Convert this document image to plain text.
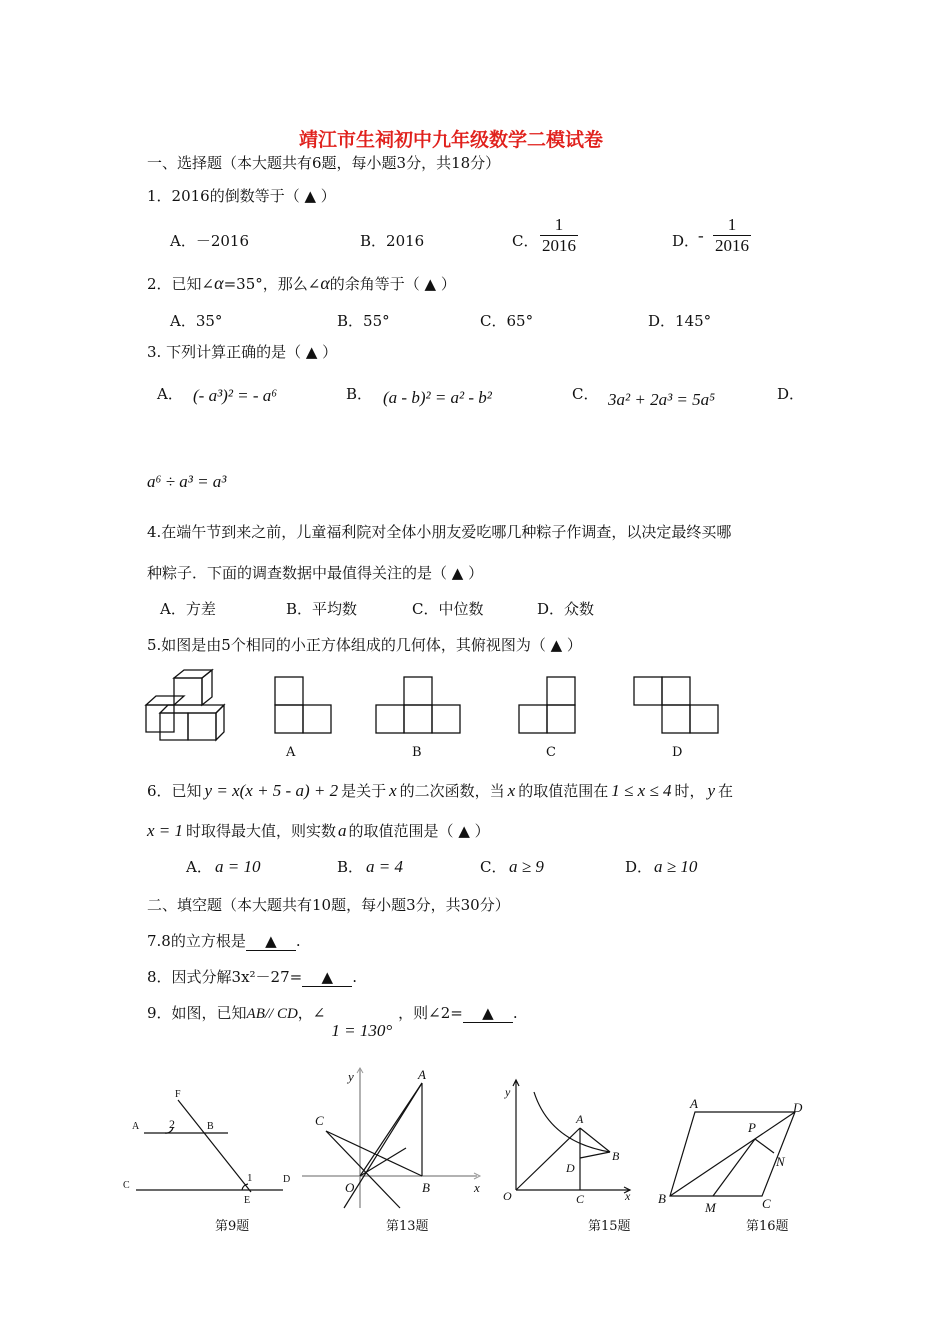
靖江市生祠初中九年级数学二模试卷
一、选择题（本大题共有6题，每小题3分，共18分）
1．2016的倒数等于（ ▲ ）
A．－2016	B．2016	C． $\frac{1}{2016}$	D．
- $\frac{1}{2016}$
2．已知∠α=35°，那么∠α的余角等于（ ▲ ）
A．35°	B．55°	C．65°	D．145°
3. 下列计算正确的是（ ▲ ）
A． (- a³)² = - a⁶	B． (a - b)² = a² - b²	C． 3a² + 2a³ = 5a⁵	D．
a⁶ ÷ a³ = a³
4.在端午节到来之前，儿童福利院对全体小朋友爱吃哪几种粽子作调查，以决定最终买哪
种粽子．下面的调查数据中最值得关注的是（ ▲ ）
A．方差	B．平均数	C．中位数	D．众数
5.如图是由5个相同的小正方体组成的几何体，其俯视图为（ ▲ ）
A	B	C	D
6．已知 y = x(x + 5 - a) + 2 是关于 x 的二次函数，当 x 的取值范围在 1 ≤ x ≤ 4 时， y 在
x = 1 时取得最大值，则实数 a 的取值范围是（ ▲ ）
A． a = 10	B． a = 4	C． a ≥ 9	D． a ≥ 10
二、填空题（本大题共有10题，每小题3分，共30分）
7.8的立方根是 ▲ .
8．因式分解3x²－27= ▲ .
9．如图，已知AB// CD，∠1 = 130°，则∠2= ▲ .
F
A 2	B
C
1	D
E
第9题
y	A
C
O	B	x
第13题
y
A
D
B
O	C	x
第15题
A	D
P
N
B
M	C
第16题
